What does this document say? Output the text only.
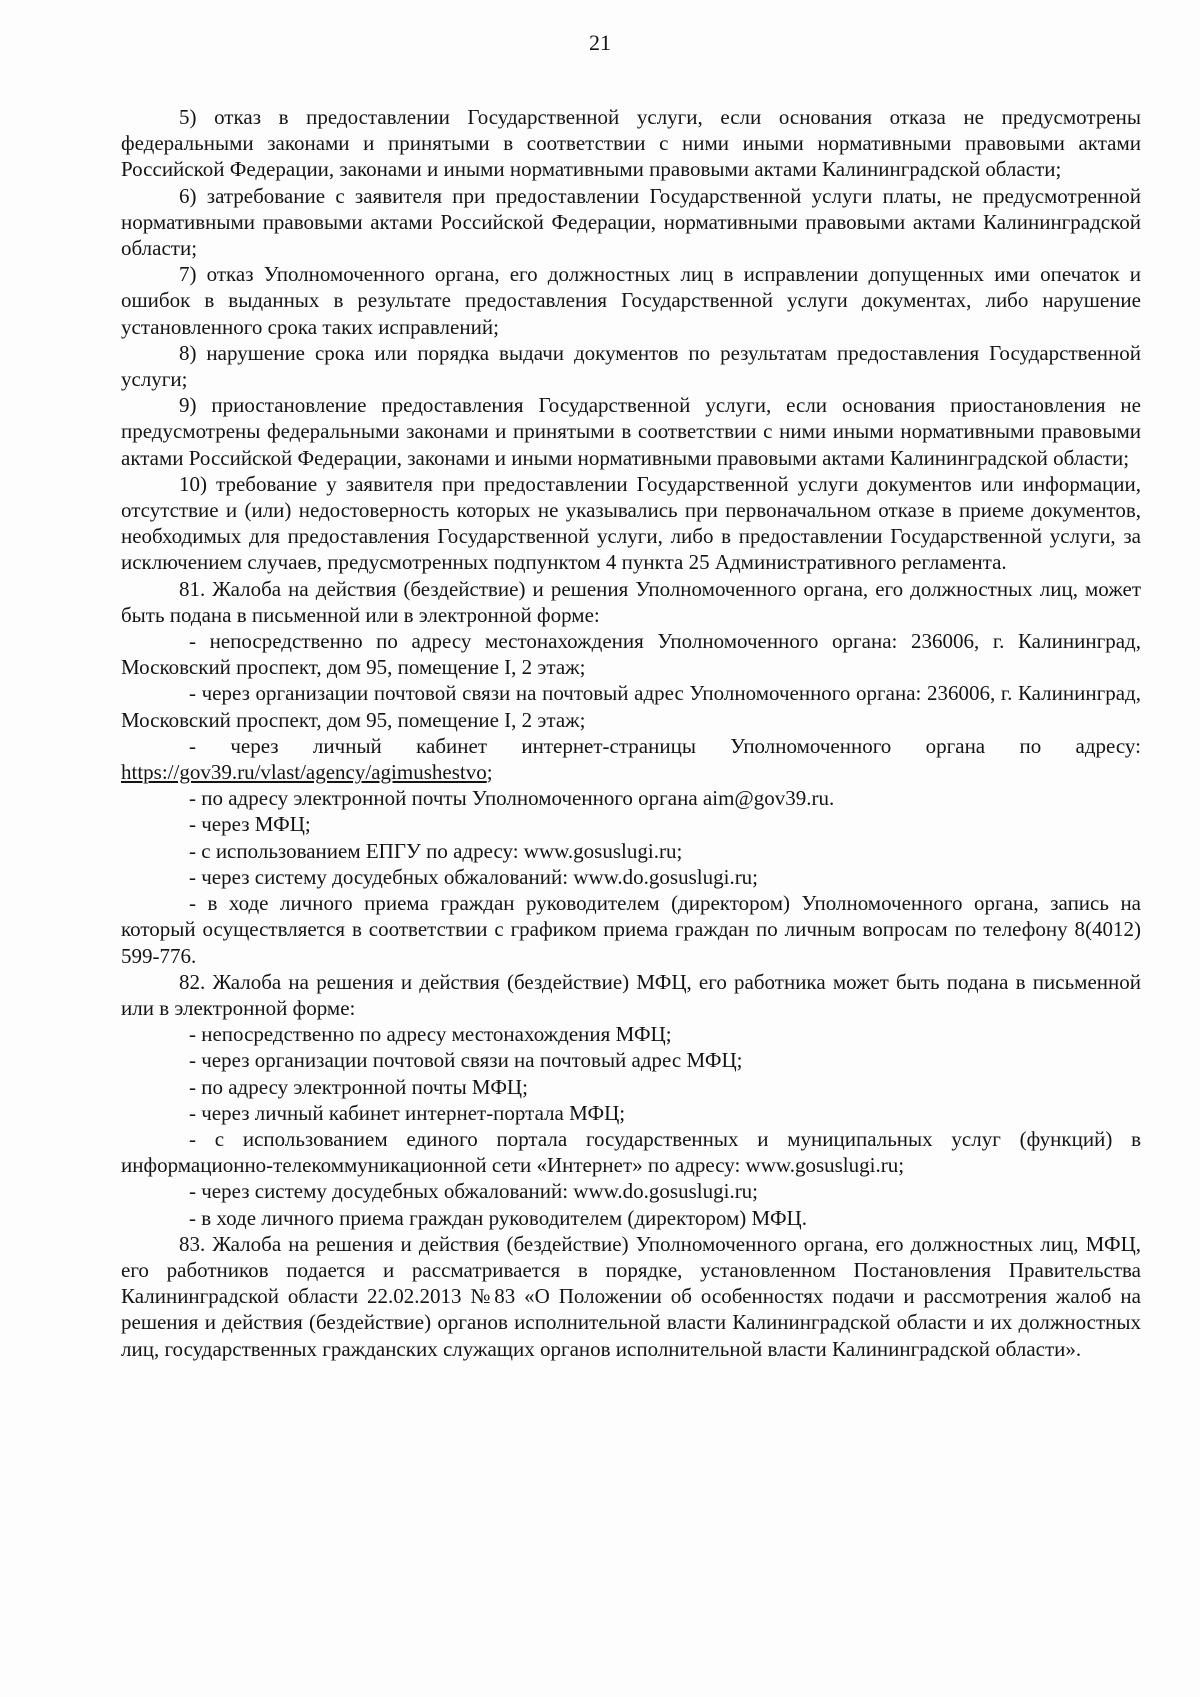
21

5) отказ в предоставлении Государственной услуги, если основания отказа не предусмотрены федеральными законами и принятыми в соответствии с ними иными нормативными правовыми актами Российской Федерации, законами и иными нормативными правовыми актами Калининградской области;

6) затребование с заявителя при предоставлении Государственной услуги платы, не предусмотренной нормативными правовыми актами Российской Федерации, нормативными правовыми актами Калининградской области;

7) отказ Уполномоченного органа, его должностных лиц в исправлении допущенных ими опечаток и ошибок в выданных в результате предоставления Государственной услуги документах, либо нарушение установленного срока таких исправлений;

8) нарушение срока или порядка выдачи документов по результатам предоставления Государственной услуги;

9) приостановление предоставления Государственной услуги, если основания приостановления не предусмотрены федеральными законами и принятыми в соответствии с ними иными нормативными правовыми актами Российской Федерации, законами и иными нормативными правовыми актами Калининградской области;

10) требование у заявителя при предоставлении Государственной услуги документов или информации, отсутствие и (или) недостоверность которых не указывались при первоначальном отказе в приеме документов, необходимых для предоставления Государственной услуги, либо в предоставлении Государственной услуги, за исключением случаев, предусмотренных подпунктом 4 пункта 25 Административного регламента.

81. Жалоба на действия (бездействие) и решения Уполномоченного органа, его должностных лиц, может быть подана в письменной или в электронной форме:

- непосредственно по адресу местонахождения Уполномоченного органа: 236006, г. Калининград, Московский проспект, дом 95, помещение I, 2 этаж;

- через организации почтовой связи на почтовый адрес Уполномоченного органа: 236006, г. Калининград, Московский проспект, дом 95, помещение I, 2 этаж;

- через личный кабинет интернет-страницы Уполномоченного органа по адресу: https://gov39.ru/vlast/agency/agimushestvo;

- по адресу электронной почты Уполномоченного органа aim@gov39.ru.

- через МФЦ;

- с использованием ЕПГУ по адресу: www.gosuslugi.ru;

- через систему досудебных обжалований: www.do.gosuslugi.ru;

- в ходе личного приема граждан руководителем (директором) Уполномоченного органа, запись на который осуществляется в соответствии с графиком приема граждан по личным вопросам по телефону 8(4012) 599-776.

82. Жалоба на решения и действия (бездействие) МФЦ, его работника может быть подана в письменной или в электронной форме:

- непосредственно по адресу местонахождения МФЦ;

- через организации почтовой связи на почтовый адрес МФЦ;

- по адресу электронной почты МФЦ;

- через личный кабинет интернет-портала МФЦ;

- с использованием единого портала государственных и муниципальных услуг (функций) в информационно-телекоммуникационной сети «Интернет» по адресу: www.gosuslugi.ru;

- через систему досудебных обжалований: www.do.gosuslugi.ru;

- в ходе личного приема граждан руководителем (директором) МФЦ.

83. Жалоба на решения и действия (бездействие) Уполномоченного органа, его должностных лиц, МФЦ, его работников подается и рассматривается в порядке, установленном Постановления Правительства Калининградской области 22.02.2013 №83 «О Положении об особенностях подачи и рассмотрения жалоб на решения и действия (бездействие) органов исполнительной власти Калининградской области и их должностных лиц, государственных гражданских служащих органов исполнительной власти Калининградской области».
